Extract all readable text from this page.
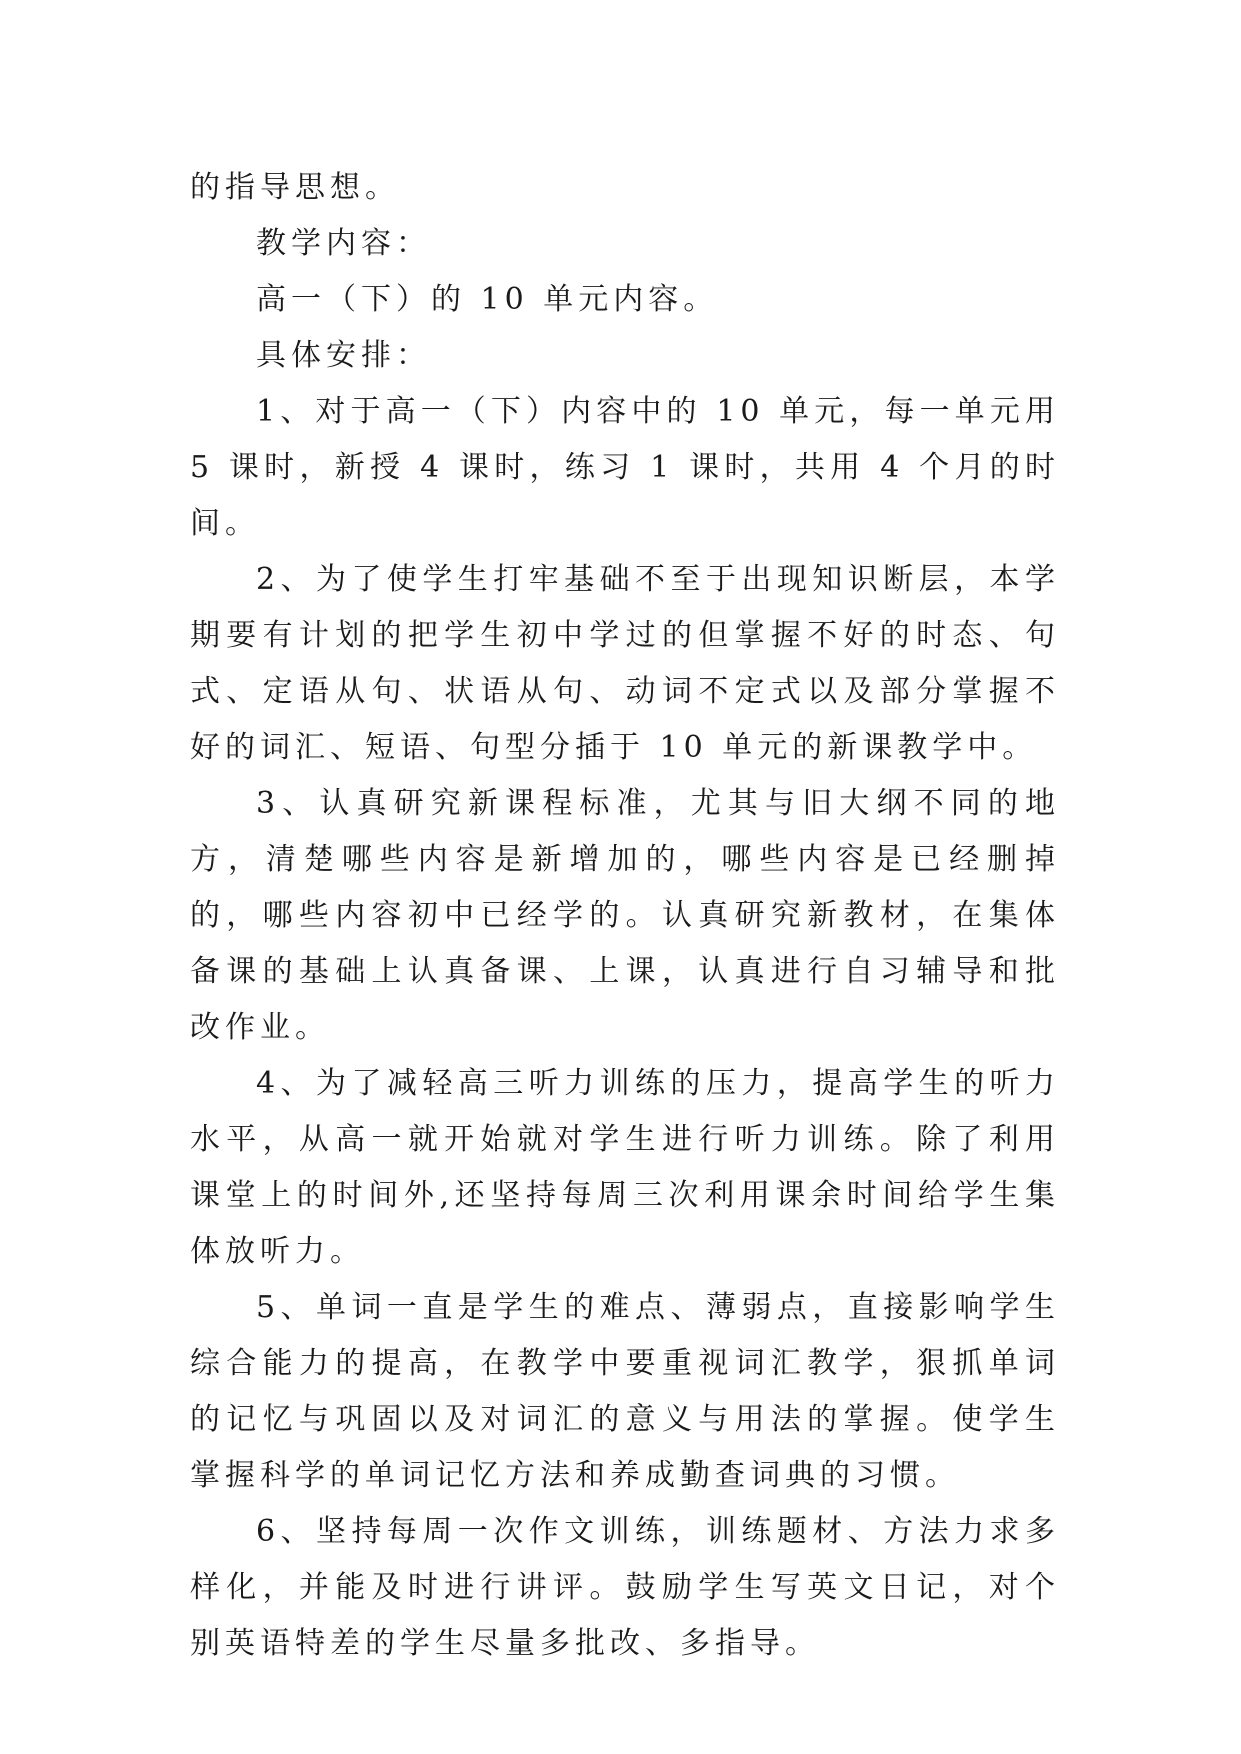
的指导思想。

教学内容：

高一（下）的 10 单元内容。

具体安排：

1、对于高一（下）内容中的 10 单元，每一单元用 5 课时，新授 4 课时，练习 1 课时，共用 4 个月的时间。

2、为了使学生打牢基础不至于出现知识断层，本学期要有计划的把学生初中学过的但掌握不好的时态、句式、定语从句、状语从句、动词不定式以及部分掌握不好的词汇、短语、句型分插于 10 单元的新课教学中。

3、认真研究新课程标准，尤其与旧大纲不同的地方，清楚哪些内容是新增加的，哪些内容是已经删掉的，哪些内容初中已经学的。认真研究新教材，在集体备课的基础上认真备课、上课，认真进行自习辅导和批改作业。

4、为了减轻高三听力训练的压力，提高学生的听力水平，从高一就开始就对学生进行听力训练。除了利用课堂上的时间外,还坚持每周三次利用课余时间给学生集体放听力。

5、单词一直是学生的难点、薄弱点，直接影响学生综合能力的提高，在教学中要重视词汇教学，狠抓单词的记忆与巩固以及对词汇的意义与用法的掌握。使学生掌握科学的单词记忆方法和养成勤查词典的习惯。

6、坚持每周一次作文训练，训练题材、方法力求多样化，并能及时进行讲评。鼓励学生写英文日记，对个别英语特差的学生尽量多批改、多指导。
